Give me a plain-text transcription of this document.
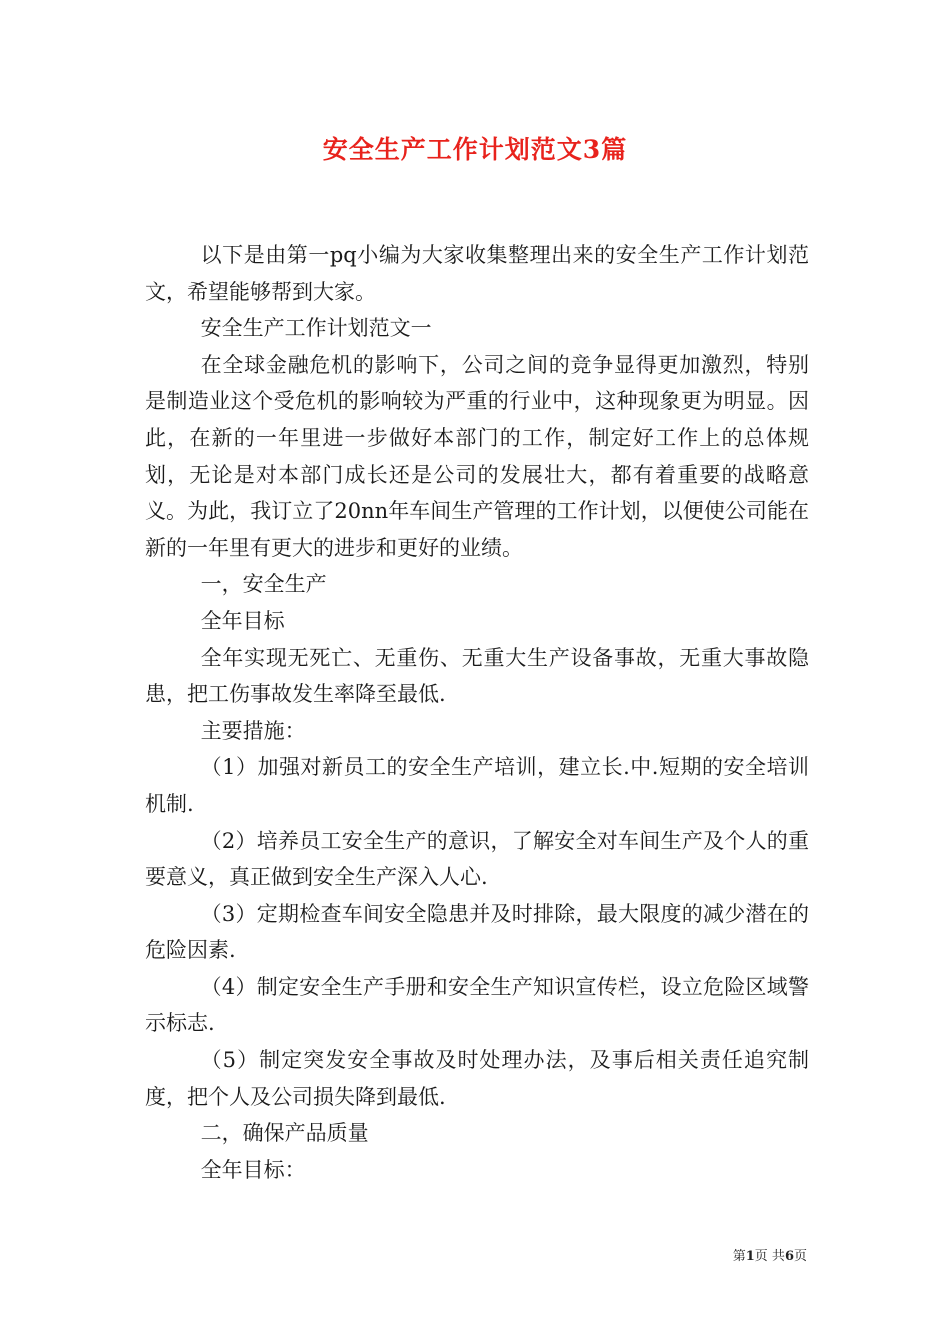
安全生产工作计划范文3篇

以下是由第一pq小编为大家收集整理出来的安全生产工作计划范文，希望能够帮到大家。

安全生产工作计划范文一

在全球金融危机的影响下，公司之间的竞争显得更加激烈，特别是制造业这个受危机的影响较为严重的行业中，这种现象更为明显。因此，在新的一年里进一步做好本部门的工作，制定好工作上的总体规划，无论是对本部门成长还是公司的发展壮大，都有着重要的战略意义。为此，我订立了20nn年车间生产管理的工作计划，以便使公司能在新的一年里有更大的进步和更好的业绩。

一，安全生产

全年目标

全年实现无死亡、无重伤、无重大生产设备事故，无重大事故隐患，把工伤事故发生率降至最低.

主要措施：

（1）加强对新员工的安全生产培训，建立长.中.短期的安全培训机制.

（2）培养员工安全生产的意识，了解安全对车间生产及个人的重要意义，真正做到安全生产深入人心.

（3）定期检查车间安全隐患并及时排除，最大限度的减少潜在的危险因素.

（4）制定安全生产手册和安全生产知识宣传栏，设立危险区域警示标志.

（5）制定突发安全事故及时处理办法，及事后相关责任追究制度，把个人及公司损失降到最低.

二，确保产品质量

全年目标：

第1页 共6页
